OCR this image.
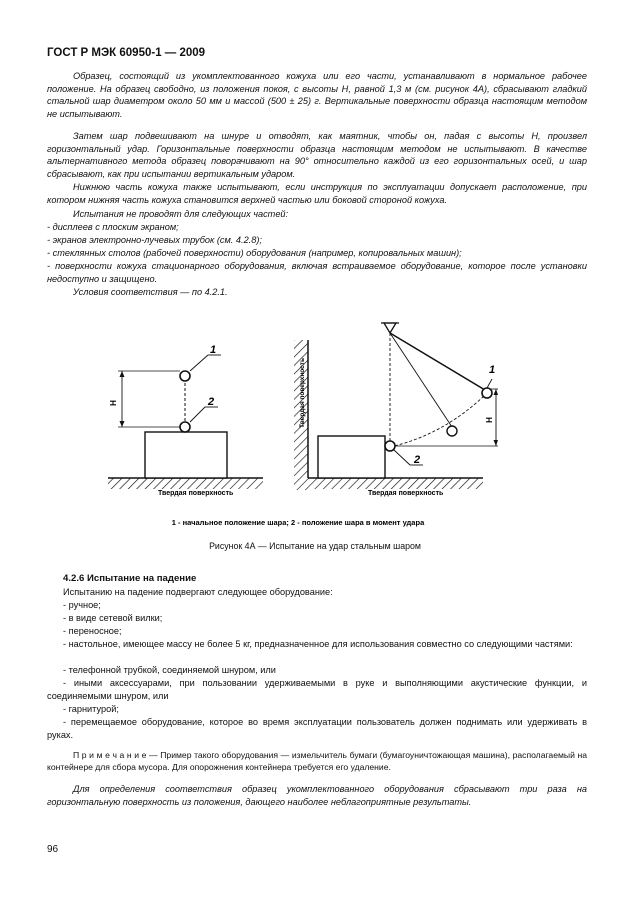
ГОСТ Р МЭК 60950-1 — 2009

Образец, состоящий из укомплектованного кожуха или его части, устанавливают в нормальное рабочее положение. На образец свободно, из положения покоя, с высоты H, равной 1,3 м (см. рисунок 4А), сбрасывают гладкий стальной шар диаметром около 50 мм и массой (500 ± 25) г. Вертикальные поверхности образца настоящим методом не испытывают.

Затем шар подвешивают на шнуре и отводят, как маятник, чтобы он, падая с высоты H, произвел горизонтальный удар. Горизонтальные поверхности образца настоящим методом не испытывают. В качестве альтернативного метода образец поворачивают на 90° относительно каждой из его горизонтальных осей, и шар сбрасывают, как при испытании вертикальным ударом.

Нижнюю часть кожуха также испытывают, если инструкция по эксплуатации допускает расположение, при котором нижняя часть кожуха становится верхней частью или боковой стороной кожуха.

Испытания не проводят для следующих частей:

- дисплеев с плоским экраном;

- экранов электронно-лучевых трубок (см. 4.2.8);

- стеклянных столов (рабочей поверхности) оборудования (например, копировальных машин);

- поверхности кожуха стационарного оборудования, включая встраиваемое оборудование, которое после установки недоступно и защищено.

Условия соответствия — по 4.2.1.

H
1
2
Твердая поверхность
Твердая поверхность	H
1
2
Твердая поверхность
1 - начальное положение шара; 2 - положение шара в момент удара
Рисунок 4А — Испытание на удар стальным шаром
4.2.6 Испытание на падение

Испытанию на падение подвергают следующее оборудование:

- ручное;

- в виде сетевой вилки;

- переносное;

- настольное, имеющее массу не более 5 кг, предназначенное для использования совместно со следующими частями:

- телефонной трубкой, соединяемой шнуром, или

- иными аксессуарами, при пользовании удерживаемыми в руке и выполняющими акустические функции, и соединяемыми шнуром, или

- гарнитурой;

- перемещаемое оборудование, которое во время эксплуатации пользователь должен поднимать или удерживать в руках.

П р и м е ч а н и е — Пример такого оборудования — измельчитель бумаги (бумагоуничтожающая машина), располагаемый на контейнере для сбора мусора. Для опорожнения контейнера требуется его удаление.

Для определения соответствия образец укомплектованного оборудования сбрасывают три раза на горизонтальную поверхность из положения, дающего наиболее неблагоприятные результаты.

96
